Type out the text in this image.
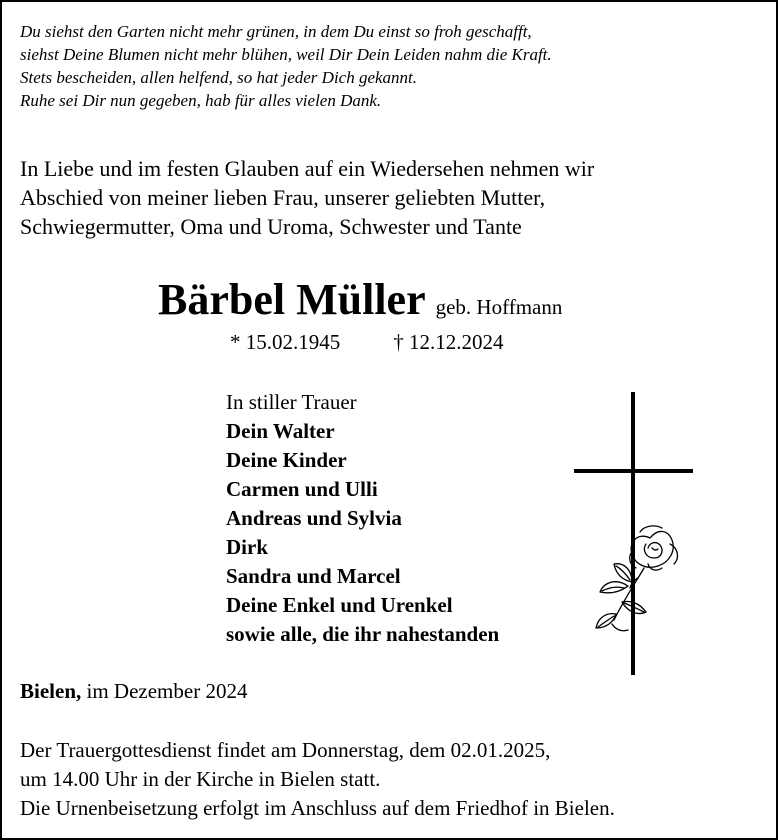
Du siehst den Garten nicht mehr grünen, in dem Du einst so froh geschafft,
siehst Deine Blumen nicht mehr blühen, weil Dir Dein Leiden nahm die Kraft.
Stets bescheiden, allen helfend, so hat jeder Dich gekannt.
Ruhe sei Dir nun gegeben, hab für alles vielen Dank.
In Liebe und im festen Glauben auf ein Wiedersehen nehmen wir
Abschied von meiner lieben Frau, unserer geliebten Mutter,
Schwiegermutter, Oma und Uroma, Schwester und Tante
Bärbel Müller geb. Hoffmann
* 15.02.1945	† 12.12.2024
In stiller Trauer
Dein Walter
Deine Kinder
Carmen und Ulli
Andreas und Sylvia
Dirk
Sandra und Marcel
Deine Enkel und Urenkel
sowie alle, die ihr nahestanden
Bielen, im Dezember 2024
Der Trauergottesdienst findet am Donnerstag, dem 02.01.2025,
um 14.00 Uhr in der Kirche in Bielen statt.
Die Urnenbeisetzung erfolgt im Anschluss auf dem Friedhof in Bielen.
